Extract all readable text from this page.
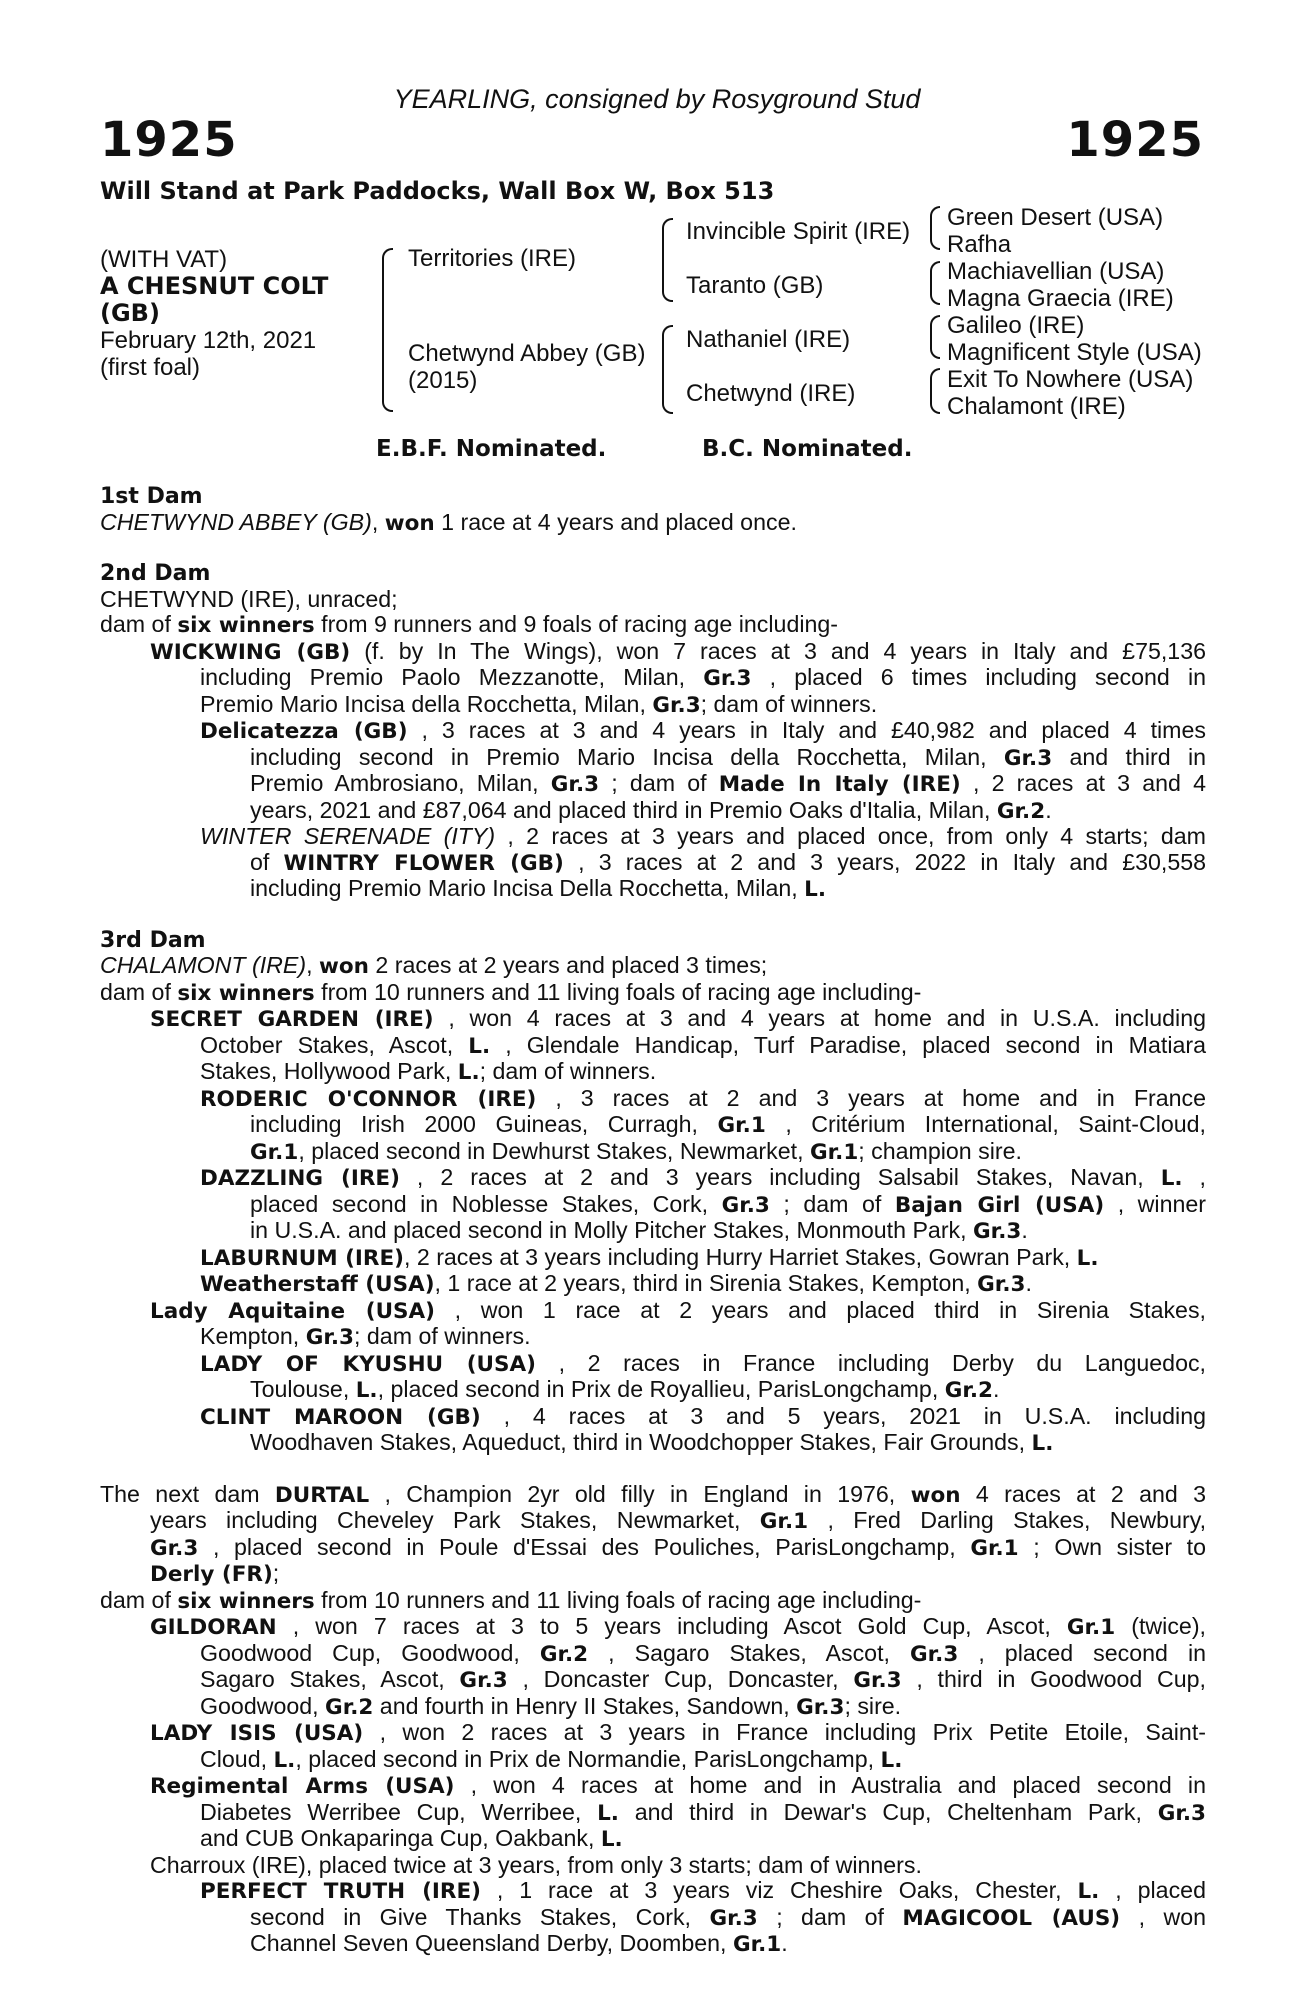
YEARLING, consigned by Rosyground Stud
1925	1925
Will Stand at Park Paddocks, Wall Box W, Box 513
(WITH VAT)
A CHESNUT COLT
(GB)
February 12th, 2021
(first foal)
Territories (IRE)
Chetwynd Abbey (GB)
(2015)
Invincible Spirit (IRE)
Taranto (GB)
Nathaniel (IRE)
Chetwynd (IRE)
Green Desert (USA)
Rafha
Machiavellian (USA)
Magna Graecia (IRE)
Galileo (IRE)
Magnificent Style (USA)
Exit To Nowhere (USA)
Chalamont (IRE)
E.B.F. Nominated.	B.C. Nominated.
1st Dam
CHETWYND ABBEY (GB), won 1 race at 4 years and placed once.
2nd Dam
CHETWYND (IRE), unraced;
dam of six winners from 9 runners and 9 foals of racing age including-
WICKWING (GB) (f. by In The Wings), won 7 races at 3 and 4 years in Italy and £75,136
including Premio Paolo Mezzanotte, Milan, Gr.3 , placed 6 times including second in
Premio Mario Incisa della Rocchetta, Milan, Gr.3; dam of winners.
Delicatezza (GB) , 3 races at 3 and 4 years in Italy and £40,982 and placed 4 times
including second in Premio Mario Incisa della Rocchetta, Milan, Gr.3 and third in
Premio Ambrosiano, Milan, Gr.3 ; dam of Made In Italy (IRE) , 2 races at 3 and 4
years, 2021 and £87,064 and placed third in Premio Oaks d'Italia, Milan, Gr.2.
WINTER SERENADE (ITY) , 2 races at 3 years and placed once, from only 4 starts; dam
of WINTRY FLOWER (GB) , 3 races at 2 and 3 years, 2022 in Italy and £30,558
including Premio Mario Incisa Della Rocchetta, Milan, L.
3rd Dam
CHALAMONT (IRE), won 2 races at 2 years and placed 3 times;
dam of six winners from 10 runners and 11 living foals of racing age including-
SECRET GARDEN (IRE) , won 4 races at 3 and 4 years at home and in U.S.A. including
October Stakes, Ascot, L. , Glendale Handicap, Turf Paradise, placed second in Matiara
Stakes, Hollywood Park, L.; dam of winners.
RODERIC O'CONNOR (IRE) , 3 races at 2 and 3 years at home and in France
including Irish 2000 Guineas, Curragh, Gr.1 , Critérium International, Saint-Cloud,
Gr.1, placed second in Dewhurst Stakes, Newmarket, Gr.1; champion sire.
DAZZLING (IRE) , 2 races at 2 and 3 years including Salsabil Stakes, Navan, L. ,
placed second in Noblesse Stakes, Cork, Gr.3 ; dam of Bajan Girl (USA) , winner
in U.S.A. and placed second in Molly Pitcher Stakes, Monmouth Park, Gr.3.
LABURNUM (IRE), 2 races at 3 years including Hurry Harriet Stakes, Gowran Park, L.
Weatherstaff (USA), 1 race at 2 years, third in Sirenia Stakes, Kempton, Gr.3.
Lady Aquitaine (USA) , won 1 race at 2 years and placed third in Sirenia Stakes,
Kempton, Gr.3; dam of winners.
LADY OF KYUSHU (USA) , 2 races in France including Derby du Languedoc,
Toulouse, L., placed second in Prix de Royallieu, ParisLongchamp, Gr.2.
CLINT MAROON (GB) , 4 races at 3 and 5 years, 2021 in U.S.A. including
Woodhaven Stakes, Aqueduct, third in Woodchopper Stakes, Fair Grounds, L.
The next dam DURTAL , Champion 2yr old filly in England in 1976, won 4 races at 2 and 3
years including Cheveley Park Stakes, Newmarket, Gr.1 , Fred Darling Stakes, Newbury,
Gr.3 , placed second in Poule d'Essai des Pouliches, ParisLongchamp, Gr.1 ; Own sister to
Derly (FR);
dam of six winners from 10 runners and 11 living foals of racing age including-
GILDORAN , won 7 races at 3 to 5 years including Ascot Gold Cup, Ascot, Gr.1 (twice),
Goodwood Cup, Goodwood, Gr.2 , Sagaro Stakes, Ascot, Gr.3 , placed second in
Sagaro Stakes, Ascot, Gr.3 , Doncaster Cup, Doncaster, Gr.3 , third in Goodwood Cup,
Goodwood, Gr.2 and fourth in Henry II Stakes, Sandown, Gr.3; sire.
LADY ISIS (USA) , won 2 races at 3 years in France including Prix Petite Etoile, Saint-
Cloud, L., placed second in Prix de Normandie, ParisLongchamp, L.
Regimental Arms (USA) , won 4 races at home and in Australia and placed second in
Diabetes Werribee Cup, Werribee, L. and third in Dewar's Cup, Cheltenham Park, Gr.3
and CUB Onkaparinga Cup, Oakbank, L.
Charroux (IRE), placed twice at 3 years, from only 3 starts; dam of winners.
PERFECT TRUTH (IRE) , 1 race at 3 years viz Cheshire Oaks, Chester, L. , placed
second in Give Thanks Stakes, Cork, Gr.3 ; dam of MAGICOOL (AUS) , won
Channel Seven Queensland Derby, Doomben, Gr.1.
